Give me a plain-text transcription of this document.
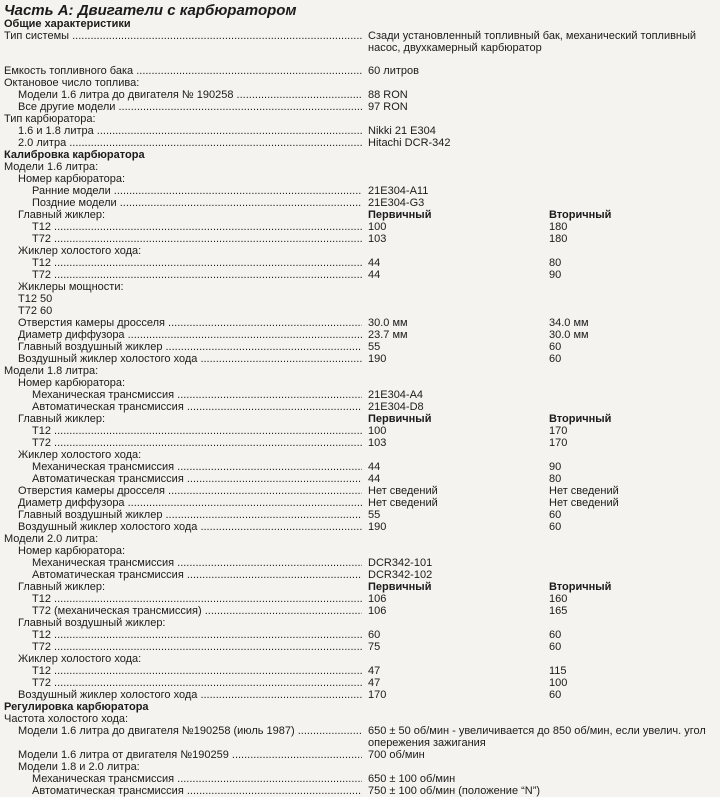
Часть А: Двигатели с карбюратором
Общие характеристики
Тип системы .....	Сзади установленный топливный бак, механический топливный насос, двухкамерный карбюратор
Емкость топливного бака .....	60 литров
Октановое число топлива:
Модели 1.6 литра до двигателя № 190258 .....	88 RON
Все другие модели .....	97 RON
Тип карбюратора:
1.6 и 1.8 литра .....	Nikki 21 E304
2.0 литра .....	Hitachi DCR-342
Калибровка карбюратора
Модели 1.6 литра:
Номер карбюратора:
Ранние модели .....	21E304-A11
Поздние модели .....	21E304-G3
Главный жиклер:	Первичный	Вторичный
T12 .....	100	180
T72 .....	103	180
Жиклер холостого хода:
T12 .....	44	80
T72 .....	44	90
Жиклеры мощности:
T12 50
T72 60
Отверстия камеры дросселя .....	30.0 мм	34.0 мм
Диаметр диффузора .....	23.7 мм	30.0 мм
Главный воздушный жиклер .....	55	60
Воздушный жиклер холостого хода .....	190	60
Модели 1.8 литра:
Номер карбюратора:
Механическая трансмиссия .....	21E304-A4
Автоматическая трансмиссия .....	21E304-D8
Главный жиклер:	Первичный	Вторичный
T12 .....	100	170
T72 .....	103	170
Жиклер холостого хода:
Механическая трансмиссия .....	44	90
Автоматическая трансмиссия .....	44	80
Отверстия камеры дросселя .....	Нет сведений	Нет сведений
Диаметр диффузора .....	Нет сведений	Нет сведений
Главный воздушный жиклер .....	55	60
Воздушный жиклер холостого хода .....	190	60
Модели 2.0 литра:
Номер карбюратора:
Механическая трансмиссия .....	DCR342-101
Автоматическая трансмиссия .....	DCR342-102
Главный жиклер:	Первичный	Вторичный
T12 .....	106	160
T72 (механическая трансмиссия) .....	106	165
Главный воздушный жиклер:
T12 .....	60	60
T72 .....	75	60
Жиклер холостого хода:
T12 .....	47	115
T72 .....	47	100
Воздушный жиклер холостого хода .....	170	60
Регулировка карбюратора
Частота холостого хода:
Модели 1.6 литра до двигателя №190258 (июль 1987) .....	650 ± 50 об/мин - увеличивается до 850 об/мин, если увелич. угол опережения зажигания
Модели 1.6 литра от двигателя №190259 .....	700 об/мин
Модели 1.8 и 2.0 литра:
Механическая трансмиссия .....	650 ± 100 об/мин
Автоматическая трансмиссия .....	750 ± 100 об/мин (положение “N”)
